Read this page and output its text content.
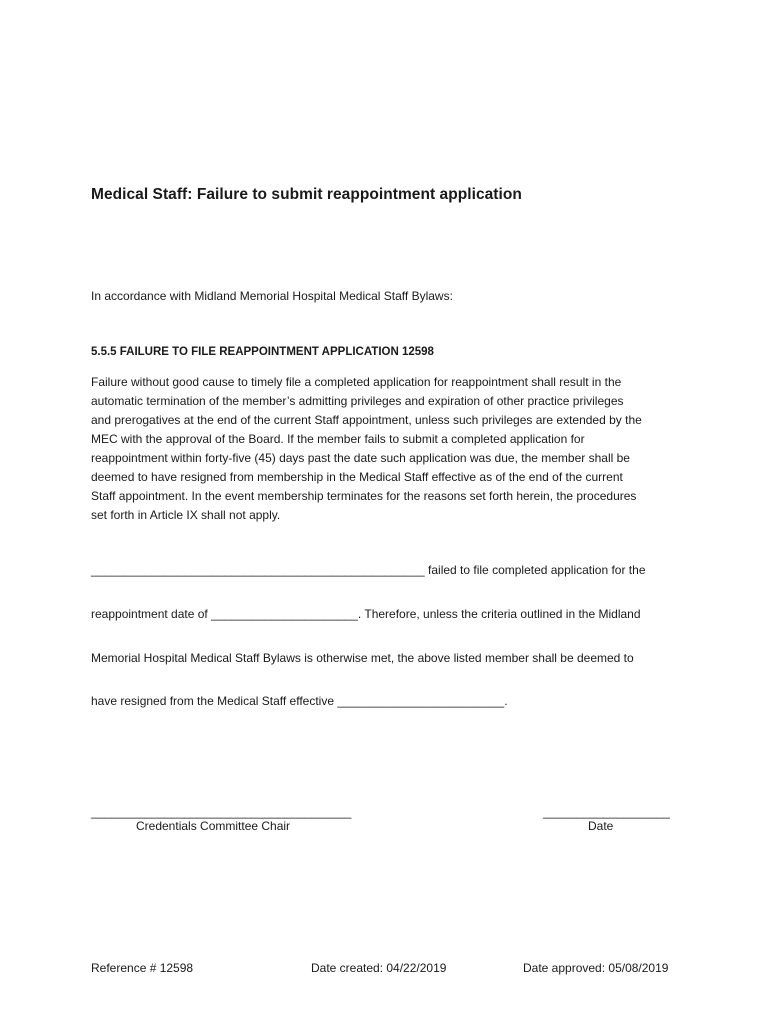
Medical Staff: Failure to submit reappointment application
In accordance with Midland Memorial Hospital Medical Staff Bylaws:
5.5.5 FAILURE TO FILE REAPPOINTMENT APPLICATION 12598
Failure without good cause to timely file a completed application for reappointment shall result in the
automatic termination of the member’s admitting privileges and expiration of other practice privileges
and prerogatives at the end of the current Staff appointment, unless such privileges are extended by the
MEC with the approval of the Board. If the member fails to submit a completed application for
reappointment within forty-five (45) days past the date such application was due, the member shall be
deemed to have resigned from membership in the Medical Staff effective as of the end of the current
Staff appointment. In the event membership terminates for the reasons set forth herein, the procedures
set forth in Article IX shall not apply.
__________________________________________________ failed to file completed application for the
reappointment date of ______________________. Therefore, unless the criteria outlined in the Midland
Memorial Hospital Medical Staff Bylaws is otherwise met, the above listed member shall be deemed to
have resigned from the Medical Staff effective _________________________.
_______________________________________
Credentials Committee Chair
___________________
Date
Reference # 12598	Date created: 04/22/2019	Date approved: 05/08/2019
